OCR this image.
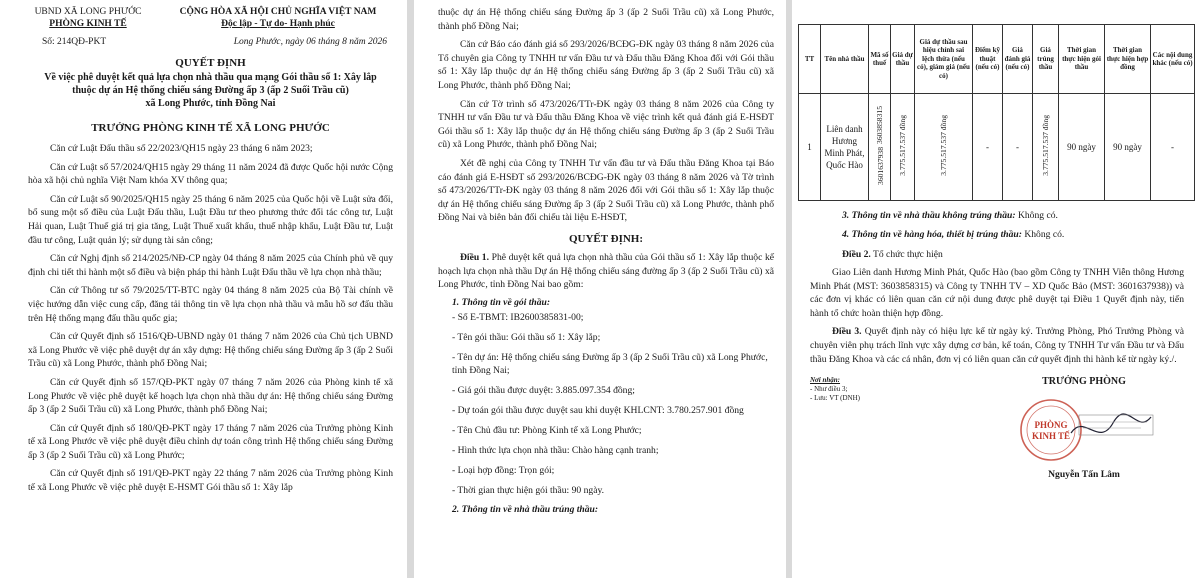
UBND XÃ LONG PHƯỚC
PHÒNG KINH TẾ
CỘNG HÒA XÃ HỘI CHỦ NGHĨA VIỆT NAM
Độc lập - Tự do- Hạnh phúc
Số: 214QĐ-PKT	Long Phước, ngày 06 tháng 8 năm 2026
QUYẾT ĐỊNH
Về việc phê duyệt kết quả lựa chọn nhà thầu qua mạng Gói thầu số 1: Xây lắp
thuộc dự án Hệ thống chiếu sáng Đường ấp 3 (ấp 2 Suối Trầu cũ)
xã Long Phước, tỉnh Đồng Nai
TRƯỞNG PHÒNG KINH TẾ XÃ LONG PHƯỚC

Căn cứ Luật Đấu thầu số 22/2023/QH15 ngày 23 tháng 6 năm 2023;

Căn cứ Luật số 57/2024/QH15 ngày 29 tháng 11 năm 2024 đã được Quốc hội nước Cộng hòa xã hội chủ nghĩa Việt Nam khóa XV thông qua;

Căn cứ Luật số 90/2025/QH15 ngày 25 tháng 6 năm 2025 của Quốc hội về Luật sửa đổi, bổ sung một số điều của Luật Đấu thầu, Luật Đầu tư theo phương thức đối tác công tư, Luật Hải quan, Luật Thuế giá trị gia tăng, Luật Thuế xuất khẩu, thuế nhập khẩu, Luật Đầu tư, Luật đầu tư công, Luật quản lý; sử dụng tài sản công;

Căn cứ Nghị định số 214/2025/NĐ-CP ngày 04 tháng 8 năm 2025 của Chính phủ về quy định chi tiết thi hành một số điều và biện pháp thi hành Luật Đấu thầu về lựa chọn nhà thầu;

Căn cứ Thông tư số 79/2025/TT-BTC ngày 04 tháng 8 năm 2025 của Bộ Tài chính về việc hướng dẫn việc cung cấp, đăng tải thông tin về lựa chọn nhà thầu và mẫu hồ sơ đấu thầu trên Hệ thống mạng đấu thầu quốc gia;

Căn cứ Quyết định số 1516/QĐ-UBND ngày 01 tháng 7 năm 2026 của Chủ tịch UBND xã Long Phước về việc phê duyệt dự án xây dựng: Hệ thống chiếu sáng Đường ấp 3 (ấp 2 Suối Trầu cũ) xã Long Phước, thành phố Đồng Nai;

Căn cứ Quyết định số 157/QĐ-PKT ngày 07 tháng 7 năm 2026 của Phòng kinh tế xã Long Phước về việc phê duyệt kế hoạch lựa chọn nhà thầu dự án: Hệ thống chiếu sáng Đường ấp 3 (ấp 2 Suối Trầu cũ) xã Long Phước, thành phố Đồng Nai;

Căn cứ Quyết định số 180/QĐ-PKT ngày 17 tháng 7 năm 2026 của Trưởng phòng Kinh tế xã Long Phước về việc phê duyệt điều chỉnh dự toán công trình Hệ thống chiếu sáng Đường ấp 3 (ấp 2 Suối Trầu cũ) xã Long Phước;

Căn cứ Quyết định số 191/QĐ-PKT ngày 22 tháng 7 năm 2026 của Trưởng phòng Kinh tế xã Long Phước về việc phê duyệt E-HSMT Gói thầu số 1: Xây lắp

thuộc dự án Hệ thống chiếu sáng Đường ấp 3 (ấp 2 Suối Trầu cũ) xã Long Phước, thành phố Đồng Nai;

Căn cứ Báo cáo đánh giá số 293/2026/BCĐG-ĐK ngày 03 tháng 8 năm 2026 của Tổ chuyên gia Công ty TNHH tư vấn Đầu tư và Đấu thầu Đăng Khoa đối với Gói thầu số 1: Xây lắp thuộc dự án Hệ thống chiếu sáng Đường ấp 3 (ấp 2 Suối Trầu cũ) xã Long Phước, thành phố Đồng Nai;

Căn cứ Tờ trình số 473/2026/TTr-ĐK ngày 03 tháng 8 năm 2026 của Công ty TNHH tư vấn Đầu tư và Đấu thầu Đăng Khoa về việc trình kết quả đánh giá E-HSĐT Gói thầu số 1: Xây lắp thuộc dự án Hệ thống chiếu sáng Đường ấp 3 (ấp 2 Suối Trầu cũ) xã Long Phước, thành phố Đồng Nai;

Xét đề nghị của Công ty TNHH Tư vấn đầu tư và Đấu thầu Đăng Khoa tại Báo cáo đánh giá E-HSĐT số 293/2026/BCĐG-ĐK ngày 03 tháng 8 năm 2026 và Tờ trình số 473/2026/TTr-ĐK ngày 03 tháng 8 năm 2026 đối với Gói thầu số 1: Xây lắp thuộc dự án Hệ thống chiếu sáng Đường ấp 3 (ấp 2 Suối Trầu cũ) xã Long Phước, thành phố Đồng Nai và biên bản đối chiếu tài liệu E-HSĐT,

QUYẾT ĐỊNH:

Điều 1. Phê duyệt kết quả lựa chọn nhà thầu của Gói thầu số 1: Xây lắp thuộc kế hoạch lựa chọn nhà thầu Dự án Hệ thống chiếu sáng đường ấp 3 (ấp 2 Suối Trầu cũ) xã Long Phước, tỉnh Đồng Nai bao gồm:

1. Thông tin về gói thầu:
- Số E-TBMT: IB2600385831-00;
- Tên gói thầu: Gói thầu số 1: Xây lắp;
- Tên dự án: Hệ thống chiếu sáng Đường ấp 3 (ấp 2 Suối Trầu cũ) xã Long Phước, tỉnh Đồng Nai;
- Giá gói thầu được duyệt: 3.885.097.354 đồng;
- Dự toán gói thầu được duyệt sau khi duyệt KHLCNT: 3.780.257.901 đồng
- Tên Chủ đầu tư: Phòng Kinh tế xã Long Phước;
- Hình thức lựa chọn nhà thầu: Chào hàng cạnh tranh;
- Loại hợp đồng: Trọn gói;
- Thời gian thực hiện gói thầu: 90 ngày.
2. Thông tin về nhà thầu trúng thầu:
TT	Tên nhà thầu	Mã số thuế	Giá dự thầu	Giá dự thầu sau hiệu chỉnh sai lệch thừa (nếu có), giảm giá (nếu có)	Điểm kỹ thuật (nếu có)	Giá đánh giá (nếu có)	Giá trúng thầu	Thời gian thực hiện gói thầu	Thời gian thực hiện hợp đồng	Các nội dung khác (nếu có)
1	Liên danh Hương Minh Phát, Quốc Hào	36038583153601637938	3.775.517.537 đồng	3.775.517.537 đồng	-	-	3.775.517.537 đồng	90 ngày	90 ngày	-
3. Thông tin về nhà thầu không trúng thầu: Không có.
4. Thông tin về hàng hóa, thiết bị trúng thầu: Không có.
Điều 2. Tổ chức thực hiện

Giao Liên danh Hương Minh Phát, Quốc Hào (bao gồm Công ty TNHH Viễn thông Hương Minh Phát (MST: 3603858315) và Công ty TNHH TV – XD Quốc Bảo (MST: 3601637938)) và các đơn vị khác có liên quan căn cứ nội dung được phê duyệt tại Điều 1 Quyết định này, tiến hành tổ chức hoàn thiện hợp đồng.

Điều 3. Quyết định này có hiệu lực kể từ ngày ký. Trưởng Phòng, Phó Trưởng Phòng và chuyên viên phụ trách lĩnh vực xây dựng cơ bản, kế toán, Công ty TNHH Tư vấn Đầu tư và Đấu thầu Đăng Khoa và các cá nhân, đơn vị có liên quan căn cứ quyết định thi hành kể từ ngày ký./.

Nơi nhận:
- Như điều 3;
- Lưu: VT (DNH)
TRƯỞNG PHÒNG
PHÒNG
KINH TẾ
Nguyễn Tấn Lâm
